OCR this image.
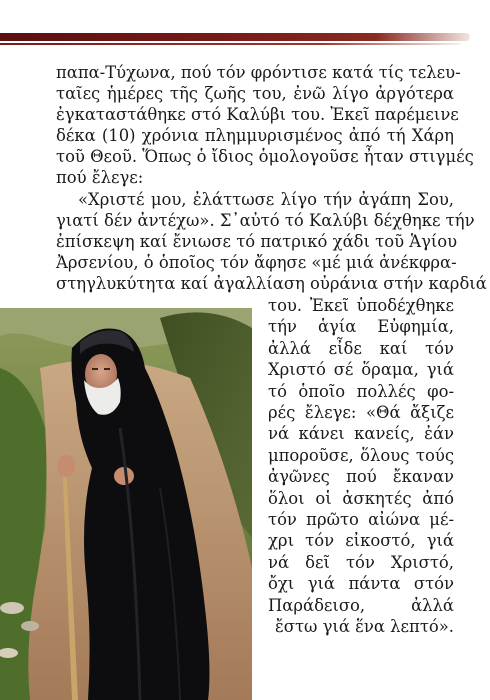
παπα-Τύχωνα, πού τόν φρόντισε κατά τίς τελευ-
ταῖες ἡμέρες τῆς ζωῆς του, ἐνῶ λίγο ἀργότερα
ἐγκαταστάθηκε στό Καλύβι του. Ἐκεῖ παρέμεινε
δέκα (10) χρόνια πλημμυρισμένος ἀπό τή Χάρη
τοῦ Θεοῦ. Ὅπως ὁ ἴδιος ὁμολογοῦσε ἦταν στιγμές
πού ἔλεγε:
«Χριστέ μου, ἐλάττωσε λίγο τήν ἀγάπη Σου,
γιατί δέν ἀντέχω». Σ᾽αὐτό τό Καλύβι δέχθηκε τήν
ἐπίσκεψη καί ἔνιωσε τό πατρικό χάδι τοῦ Ἁγίου
Ἀρσενίου, ὁ ὁποῖος τόν ἄφησε «μέ μιά ἀνέκφρα-
στηγλυκύτητα καί ἀγαλλίαση οὐράνια στήν καρδιά
του. Ἐκεῖ ὑποδέχθηκε
τήν ἁγία Εὐφημία,
ἀλλά εἶδε καί τόν
Χριστό σέ ὅραμα, γιά
τό ὁποῖο πολλές φο-
ρές ἔλεγε: «Θά ἄξιζε
νά κάνει κανείς, ἐάν
μποροῦσε, ὅλους τούς
ἀγῶνες πού ἔκαναν
ὅλοι οἱ ἀσκητές ἀπό
τόν πρῶτο αἰώνα μέ-
χρι τόν εἰκοστό, γιά
νά δεῖ τόν Χριστό,
ὄχι γιά πάντα στόν
Παράδεισο, ἀλλά
ἔστω γιά ἕνα λεπτό».
